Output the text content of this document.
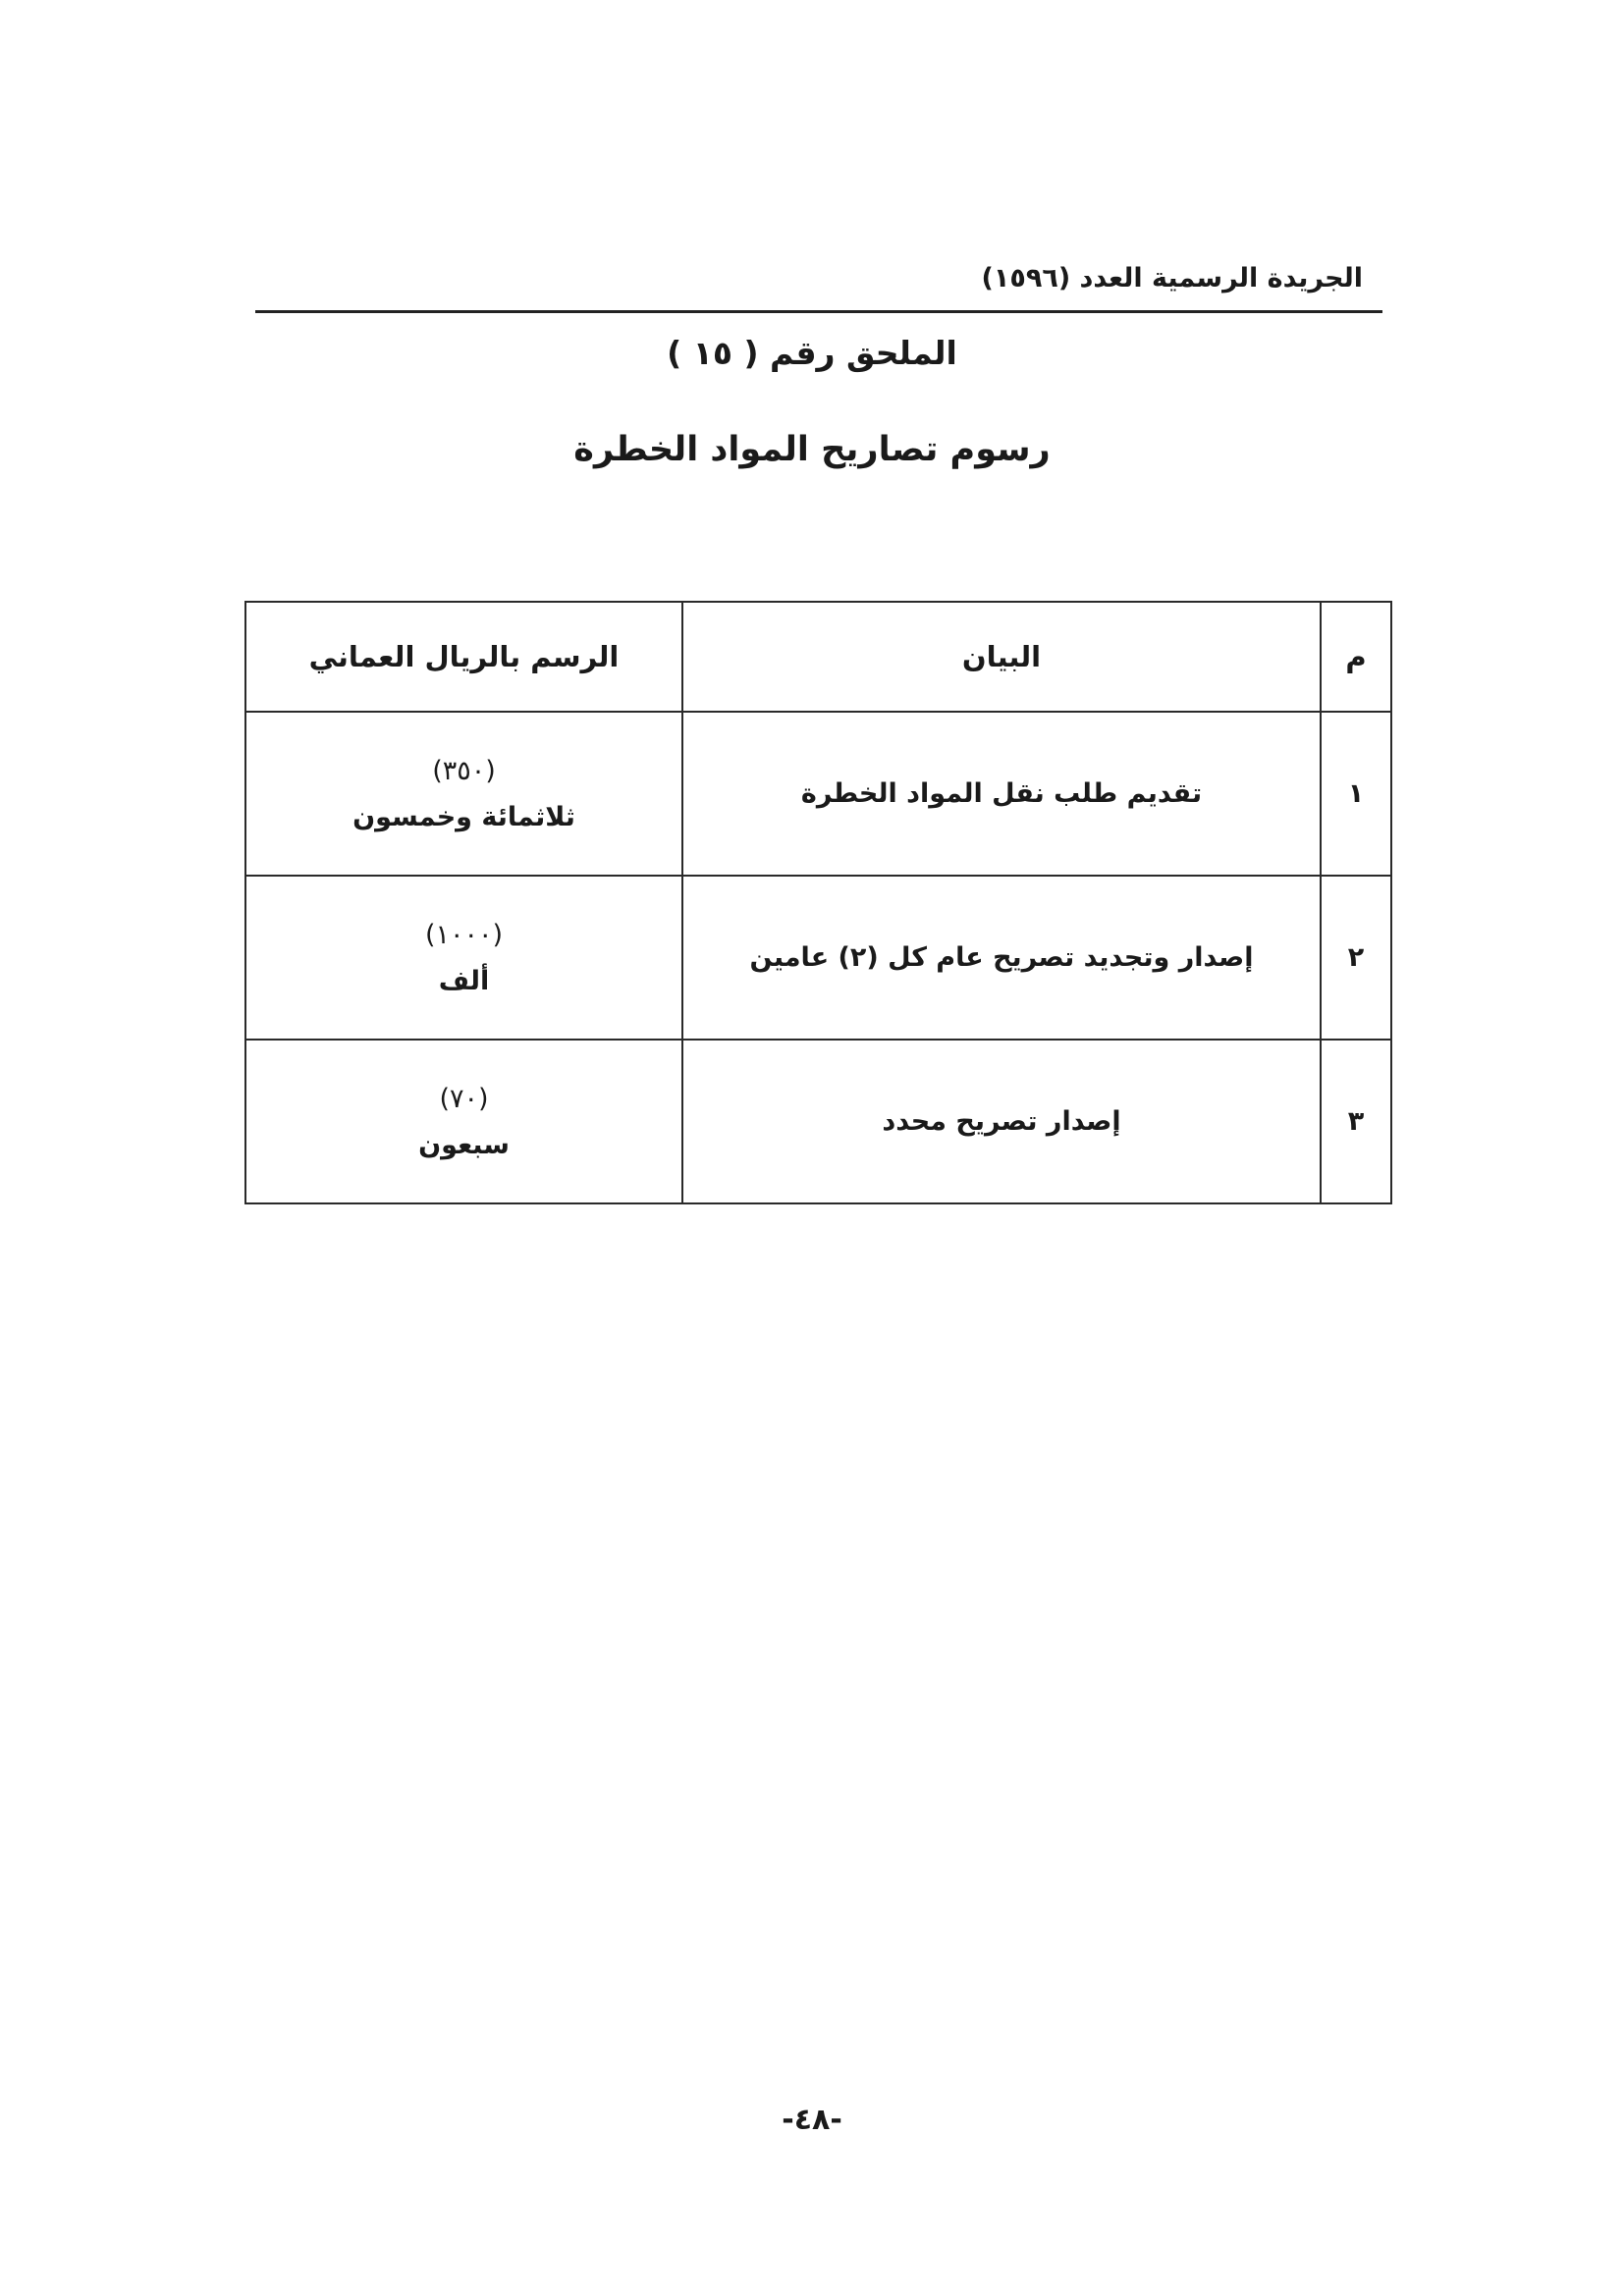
الجريدة الرسمية العدد (١٥٩٦)
الملحق رقم ( ١٥ )
رسوم تصاريح المواد الخطرة
م	البيان	الرسم بالريال العماني
١	تقديم طلب نقل المواد الخطرة	(٣٥٠)
ثلاثمائة وخمسون

٢	إصدار وتجديد تصريح عام كل (٢) عامين	(١٠٠٠)
ألف

٣	إصدار تصريح محدد	(٧٠)
سبعون
-٤٨-
